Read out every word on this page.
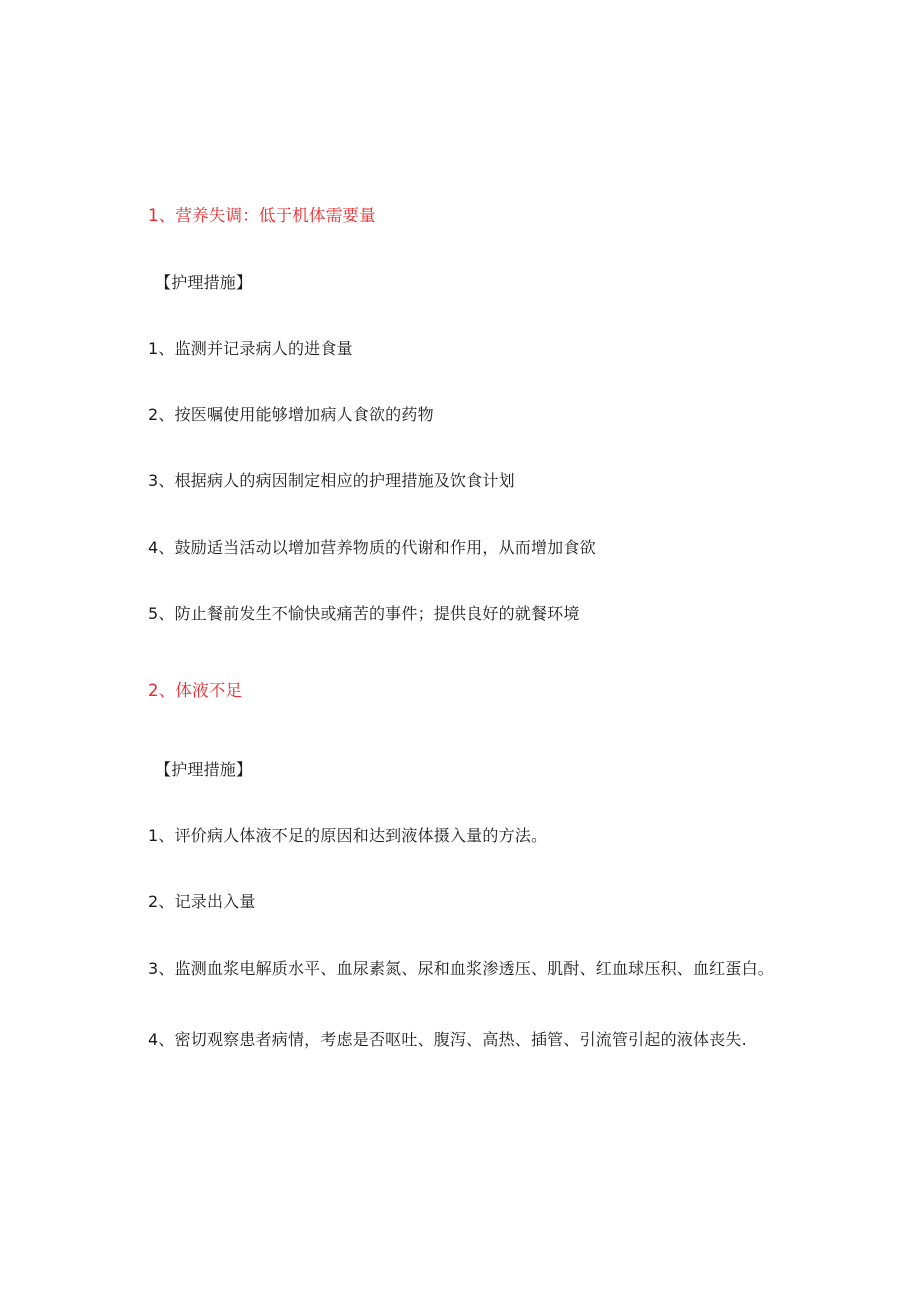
1、营养失调：低于机体需要量
【护理措施】
1、监测并记录病人的进食量
2、按医嘱使用能够增加病人食欲的药物
3、根据病人的病因制定相应的护理措施及饮食计划
4、鼓励适当活动以增加营养物质的代谢和作用，从而增加食欲
5、防止餐前发生不愉快或痛苦的事件；提供良好的就餐环境
2、体液不足
【护理措施】
1、评价病人体液不足的原因和达到液体摄入量的方法。
2、记录出入量
3、监测血浆电解质水平、血尿素氮、尿和血浆渗透压、肌酎、红血球压积、血红蛋白。
4、密切观察患者病情，考虑是否呕吐、腹泻、高热、插管、引流管引起的液体丧失.
